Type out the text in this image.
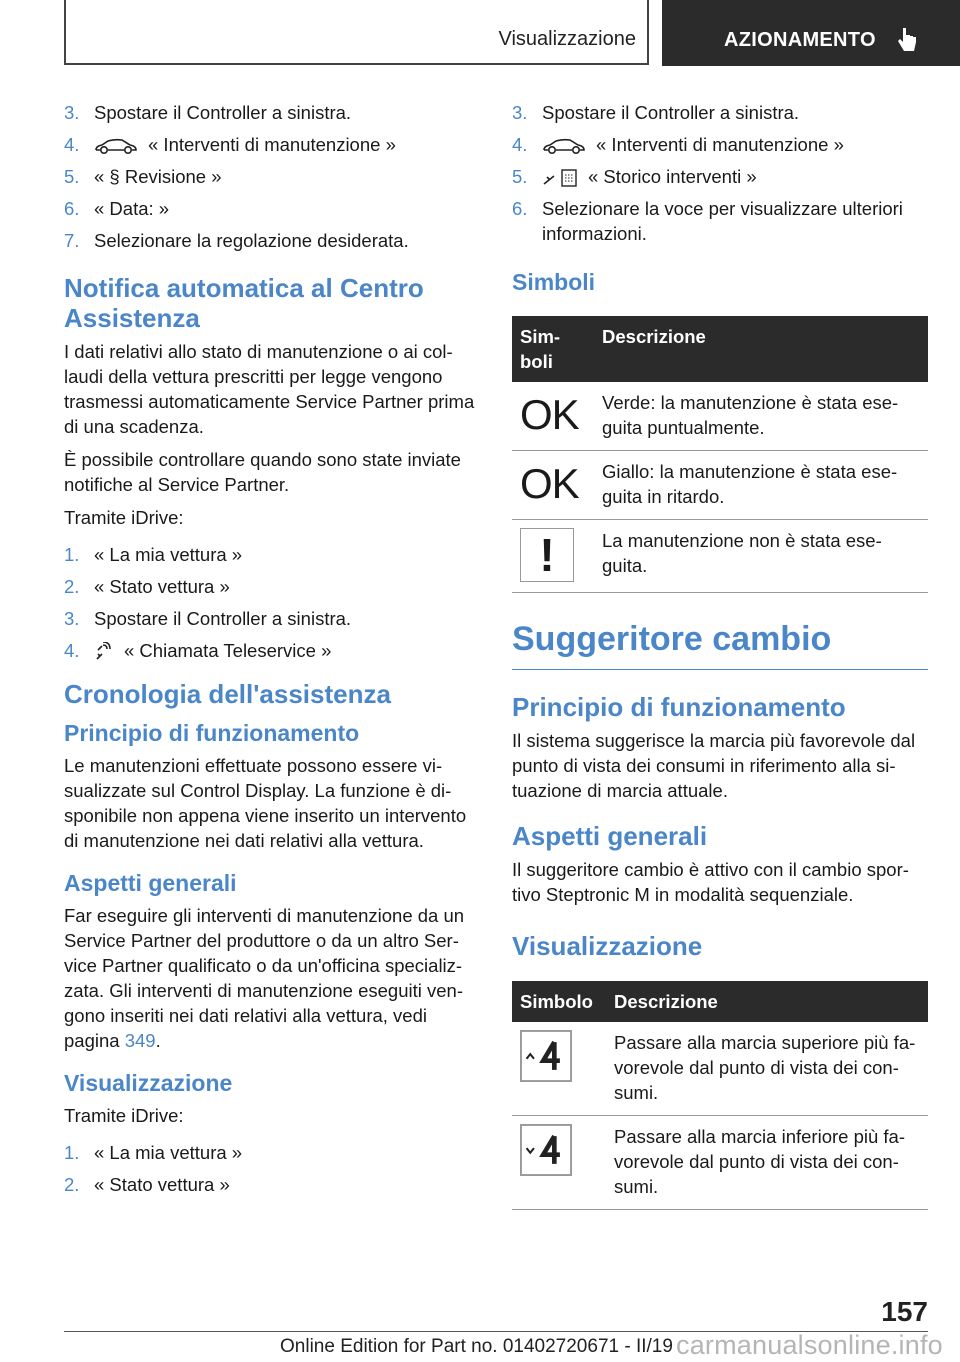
Visualizzazione	AZIONAMENTO
3. Spostare il Controller a sinistra.
4.	« Interventi di manutenzione »
5. « § Revisione »
6. « Data: »
7. Selezionare la regolazione desiderata.
Notifica automatica al Centro Assistenza

I dati relativi allo stato di manutenzione o ai col-laudi della vettura prescritti per legge vengono trasmessi automaticamente Service Partner prima di una scadenza.

È possibile controllare quando sono state inviate notifiche al Service Partner.

Tramite iDrive:

1. « La mia vettura »
2. « Stato vettura »
3. Spostare il Controller a sinistra.
4. « Chiamata Teleservice »
Cronologia dell'assistenza
Principio di funzionamento

Le manutenzioni effettuate possono essere vi-sualizzate sul Control Display. La funzione è di-sponibile non appena viene inserito un intervento di manutenzione nei dati relativi alla vettura.

Aspetti generali

Far eseguire gli interventi di manutenzione da un Service Partner del produttore o da un altro Ser-vice Partner qualificato o da un'officina specializ-zata. Gli interventi di manutenzione eseguiti ven-gono inseriti nei dati relativi alla vettura, vedi pagina 349.

Visualizzazione

Tramite iDrive:

1. « La mia vettura »
2. « Stato vettura »
3. Spostare il Controller a sinistra.
4.	« Interventi di manutenzione »
5.	« Storico interventi »
6. Selezionare la voce per visualizzare ulteriori informazioni.
Simboli
Sim-boli	Descrizione

OK	Verde: la manutenzione è stata ese-guita puntualmente.

OK	Giallo: la manutenzione è stata ese-guita in ritardo.

!	La manutenzione non è stata ese-guita.
Suggeritore cambio
Principio di funzionamento

Il sistema suggerisce la marcia più favorevole dal punto di vista dei consumi in riferimento alla si-tuazione di marcia attuale.

Aspetti generali

Il suggeritore cambio è attivo con il cambio spor-tivo Steptronic M in modalità sequenziale.

Visualizzazione
Simbolo	Descrizione
	Passare alla marcia superiore più fa-vorevole dal punto di vista dei con-sumi.
	Passare alla marcia inferiore più fa-vorevole dal punto di vista dei con-sumi.
157
Online Edition for Part no. 01402720671 - II/19 carmanualsonline.info
